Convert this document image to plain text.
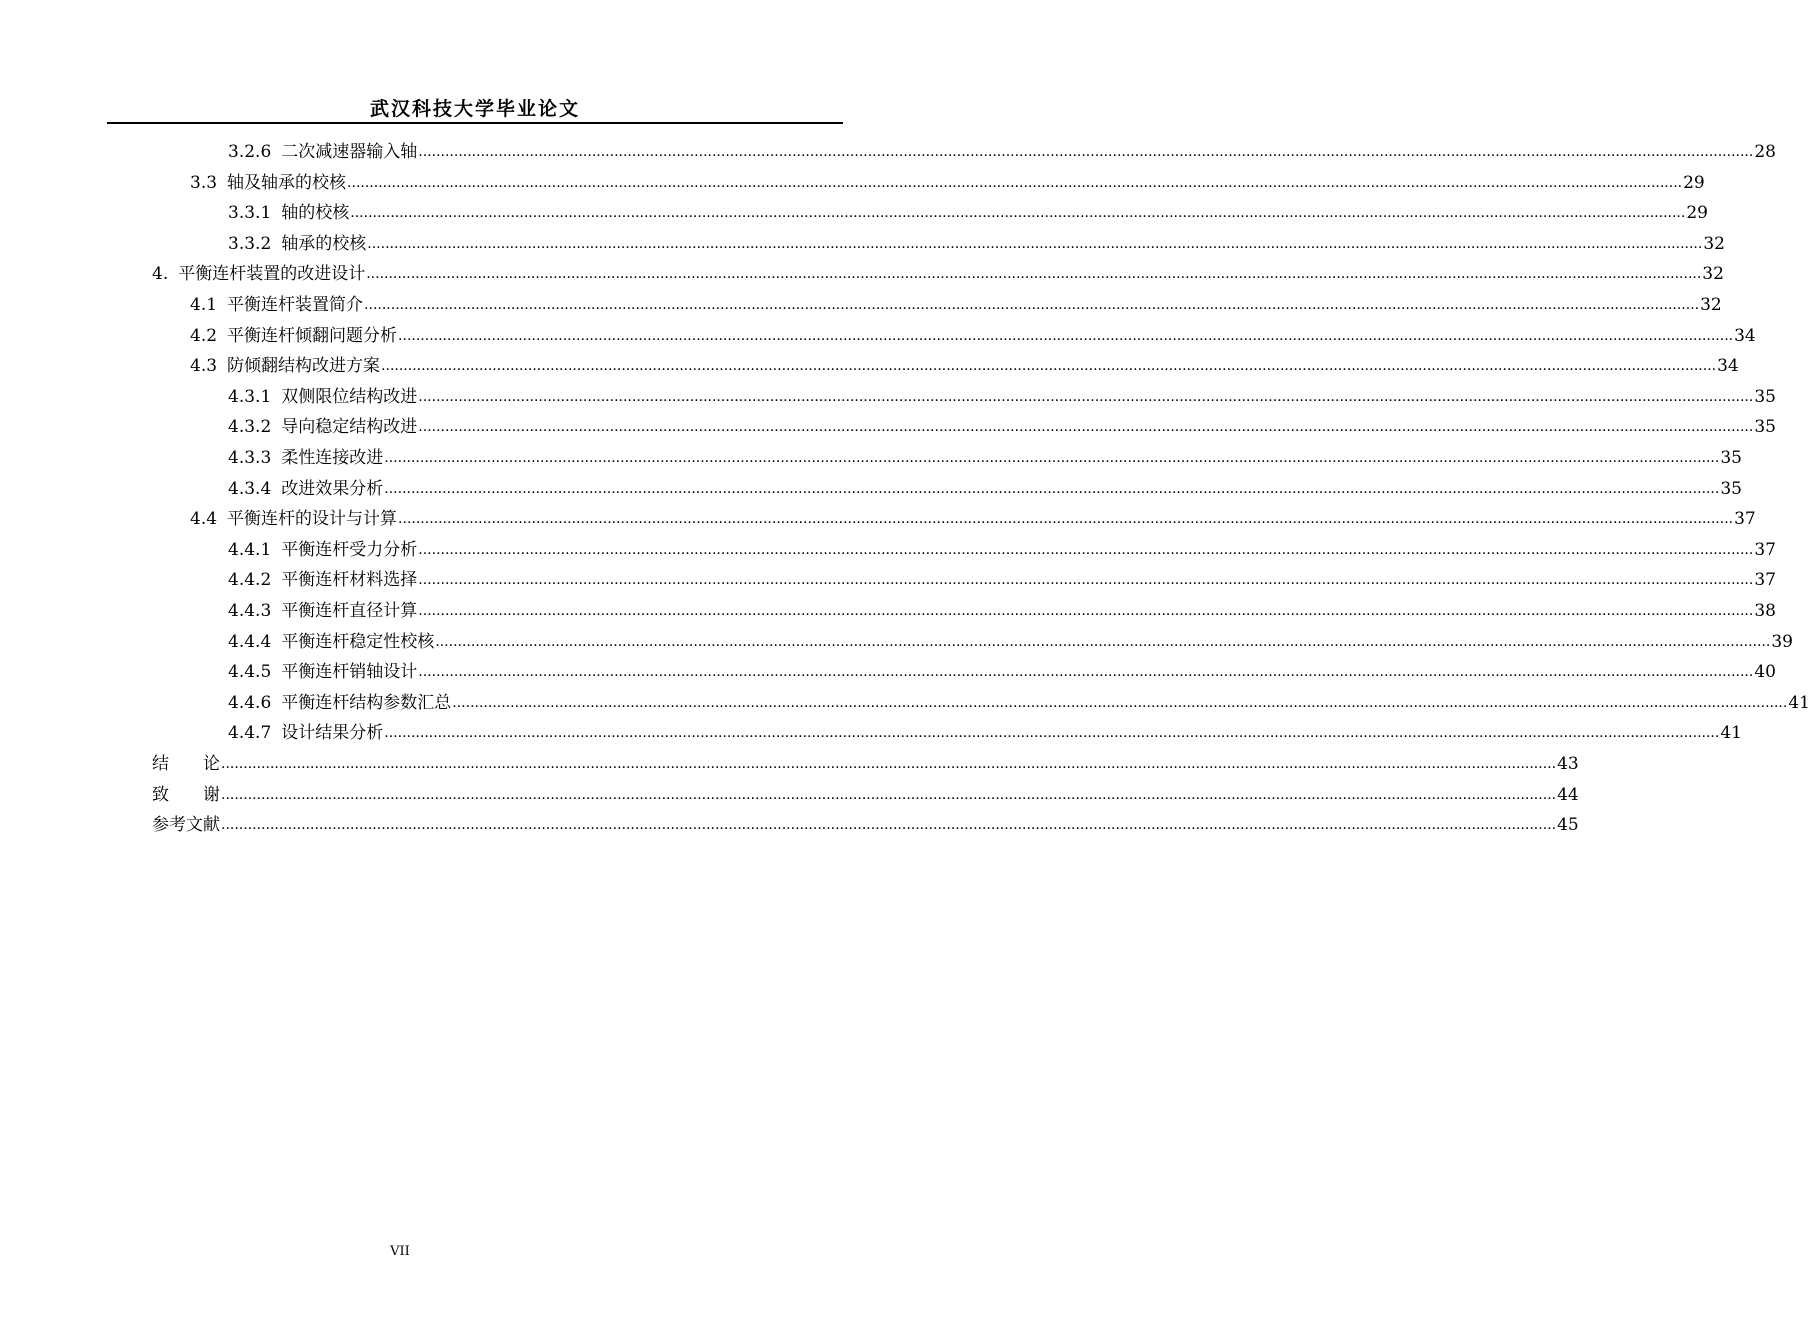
武汉科技大学毕业论文
3.2.6 二次减速器输入轴 ............................................................................................................................................................................................................................................................................................................ 28
3.3 轴及轴承的校核 ............................................................................................................................................................................................................................................................................................................ 29
3.3.1 轴的校核 ............................................................................................................................................................................................................................................................................................................ 29
3.3.2 轴承的校核 ............................................................................................................................................................................................................................................................................................................ 32
4. 平衡连杆装置的改进设计 ............................................................................................................................................................................................................................................................................................................ 32
4.1 平衡连杆装置简介 ............................................................................................................................................................................................................................................................................................................ 32
4.2 平衡连杆倾翻问题分析 ............................................................................................................................................................................................................................................................................................................ 34
4.3 防倾翻结构改进方案 ............................................................................................................................................................................................................................................................................................................ 34
4.3.1 双侧限位结构改进 ............................................................................................................................................................................................................................................................................................................ 35
4.3.2 导向稳定结构改进 ............................................................................................................................................................................................................................................................................................................ 35
4.3.3 柔性连接改进 ............................................................................................................................................................................................................................................................................................................ 35
4.3.4 改进效果分析 ............................................................................................................................................................................................................................................................................................................ 35
4.4 平衡连杆的设计与计算 ............................................................................................................................................................................................................................................................................................................ 37
4.4.1 平衡连杆受力分析 ............................................................................................................................................................................................................................................................................................................ 37
4.4.2 平衡连杆材料选择 ............................................................................................................................................................................................................................................................................................................ 37
4.4.3 平衡连杆直径计算 ............................................................................................................................................................................................................................................................................................................ 38
4.4.4 平衡连杆稳定性校核 ............................................................................................................................................................................................................................................................................................................ 39
4.4.5 平衡连杆销轴设计 ............................................................................................................................................................................................................................................................................................................ 40
4.4.6 平衡连杆结构参数汇总 ............................................................................................................................................................................................................................................................................................................ 41
4.4.7 设计结果分析 ............................................................................................................................................................................................................................................................................................................ 41
结　　论 ............................................................................................................................................................................................................................................................................................................ 43
致　　谢 ............................................................................................................................................................................................................................................................................................................ 44
参考文献 ............................................................................................................................................................................................................................................................................................................ 45
VII
